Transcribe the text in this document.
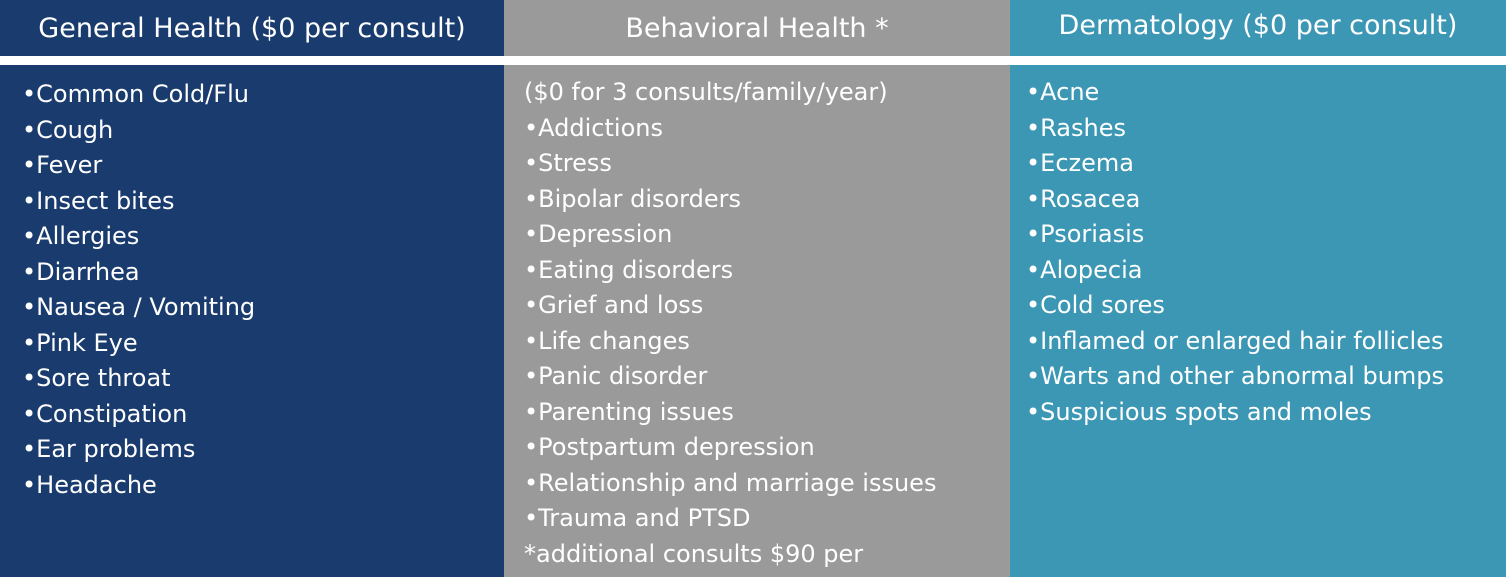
General Health ($0 per consult)
•Common Cold/Flu
•Cough
•Fever
•Insect bites
•Allergies
•Diarrhea
•Nausea / Vomiting
•Pink Eye
•Sore throat
•Constipation
•Ear problems
•Headache
Behavioral Health *
($0 for 3 consults/family/year)
•Addictions
•Stress
•Bipolar disorders
•Depression
•Eating disorders
•Grief and loss
•Life changes
•Panic disorder
•Parenting issues
•Postpartum depression
•Relationship and marriage issues
•Trauma and PTSD
*additional consults $90 per
Dermatology ($0 per consult)
•Acne
•Rashes
•Eczema
•Rosacea
•Psoriasis
•Alopecia
•Cold sores
•Inflamed or enlarged hair follicles
•Warts and other abnormal bumps
•Suspicious spots and moles
